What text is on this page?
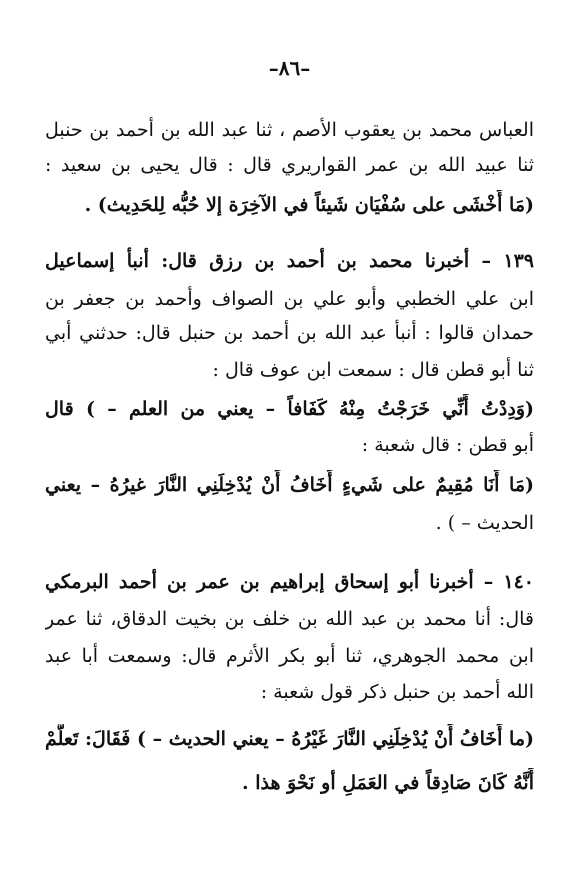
–٨٦–
العباس محمد بن يعقوب الأصم ، ثنا عبد الله بن أحمد بن حنبل
ثنا عبيد الله بن عمر القواريري قال : قال يحيى بن سعيد :
(مَا أَخْشَى على سُفْيَان شَيئاً في الآخِرَة إلا حُبُّه لِلحَدِيث) .
١٣٩ – أخبرنا محمد بن أحمد بن رزق قال: أنبأ إسماعيل
ابن علي الخطبي وأبو علي بن الصواف وأحمد بن جعفر بن
حمدان قالوا : أنبأ عبد الله بن أحمد بن حنبل قال: حدثني أبي
ثنا أبو قطن قال : سمعت ابن عوف قال :
(وَدِدْتُ أَنِّي خَرَجْتُ مِنْهُ كَفَافاً – يعني من العلم – ) قال
أبو قطن : قال شعبة :
(مَا أَنَا مُقِيمٌ على شَيءٍ أَخَافُ أَنْ يُدْخِلَنِي النَّارَ غيرُهُ – يعني
الحديث – ) .
١٤٠ – أخبرنا أبو إسحاق إبراهيم بن عمر بن أحمد البرمكي
قال: أنا محمد بن عبد الله بن خلف بن بخيت الدقاق، ثنا عمر
ابن محمد الجوهري، ثنا أبو بكر الأثرم قال: وسمعت أبا عبد
الله أحمد بن حنبل ذكر قول شعبة :
(ما أَخَافُ أَنْ يُدْخِلَنِي النَّارَ غَيْرُهُ – يعني الحديث – ) فَقَالَ: تَعلَّمْ
أَنَّهُ كَانَ صَادِقاً في العَمَلِ أو نَحْوَ هذا .
